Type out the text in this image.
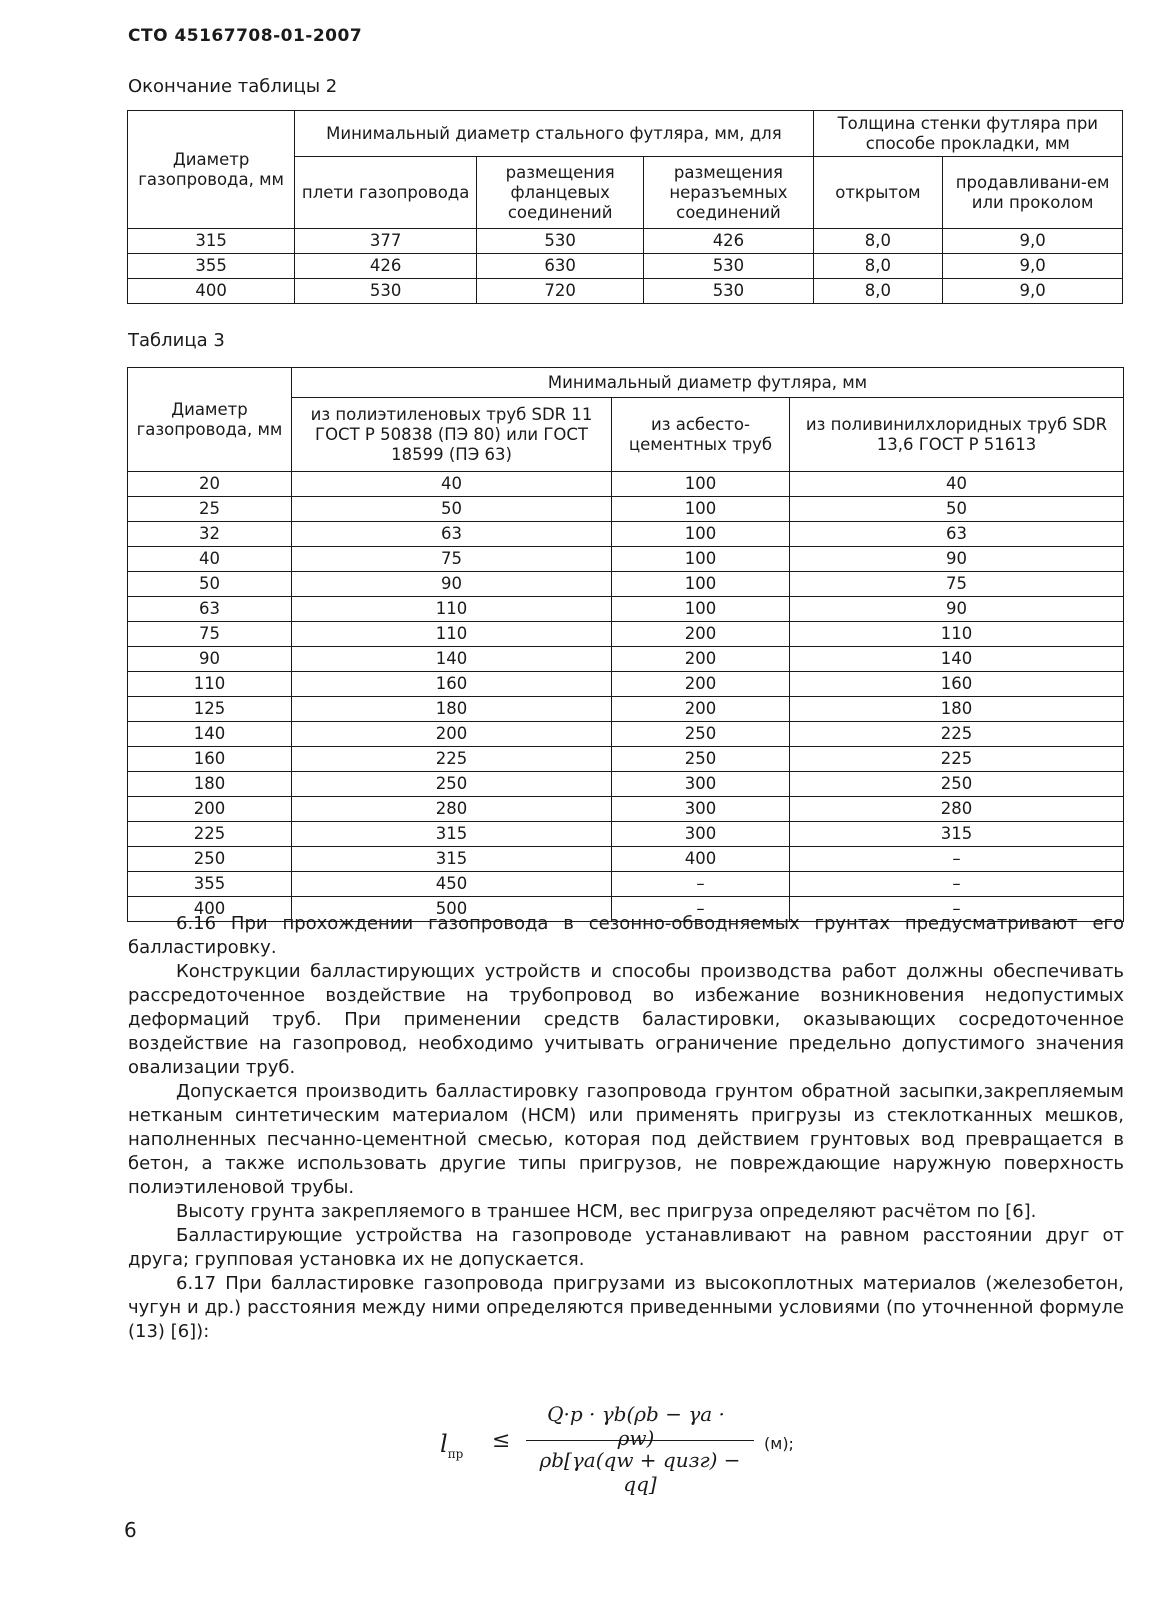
СТО 45167708-01-2007
Окончание таблицы 2
Диаметр газопровода, мм	Минимальный диаметр стального футляра, мм, для			Толщина стенки футляра при способе прокладки, мм	
	плети газопровода	размещения фланцевых соединений	размещения неразъемных соединений	открытом	продавливани-ем или проколом
315	377	530	426	8,0	9,0
355	426	630	530	8,0	9,0
400	530	720	530	8,0	9,0
Таблица 3
Диаметр газопровода, мм	Минимальный диаметр футляра, мм		
	из полиэтиленовых труб SDR 11 ГОСТ Р 50838 (ПЭ 80) или ГОСТ 18599 (ПЭ 63)	из асбесто-цементных труб	из поливинилхлоридных труб SDR 13,6 ГОСТ Р 51613
20	40	100	40
25	50	100	50
32	63	100	63
40	75	100	90
50	90	100	75
63	110	100	90
75	110	200	110
90	140	200	140
110	160	200	160
125	180	200	180
140	200	250	225
160	225	250	225
180	250	300	250
200	280	300	280
225	315	300	315
250	315	400	–
355	450	–	–
400	500	–	–

6.16 При прохождении газопровода в сезонно-обводняемых грунтах предусматривают его балластировку.

Конструкции балластирующих устройств и способы производства работ должны обеспечивать рассредоточенное воздействие на трубопровод во избежание возникновения недопустимых деформаций труб. При применении средств баластировки, оказывающих сосредоточенное воздействие на газопровод, необходимо учитывать ограничение предельно допустимого значения овализации труб.

Допускается производить балластировку газопровода грунтом обратной засыпки,закрепляемым нетканым синтетическим материалом (НСМ) или применять пригрузы из стеклотканных мешков, наполненных песчанно-цементной смесью, которая под действием грунтовых вод превращается в бетон, а также использовать другие типы пригрузов, не повреждающие наружную поверхность полиэтиленовой трубы.

Высоту грунта закрепляемого в траншее НСМ, вес пригруза определяют расчётом по [6].

Балластирующие устройства на газопроводе устанавливают на равном расстоянии друг от друга; групповая установка их не допускается.

6.17 При балластировке газопровода пригрузами из высокоплотных материалов (железобетон, чугун и др.) расстояния между ними определяются приведенными условиями (по уточненной формуле (13) [6]):

$l_{пр}$
≤
Q·р · γb(ρb − γa · ρw)
ρb[γa(qw + qизг) − qq]
(м);
6
